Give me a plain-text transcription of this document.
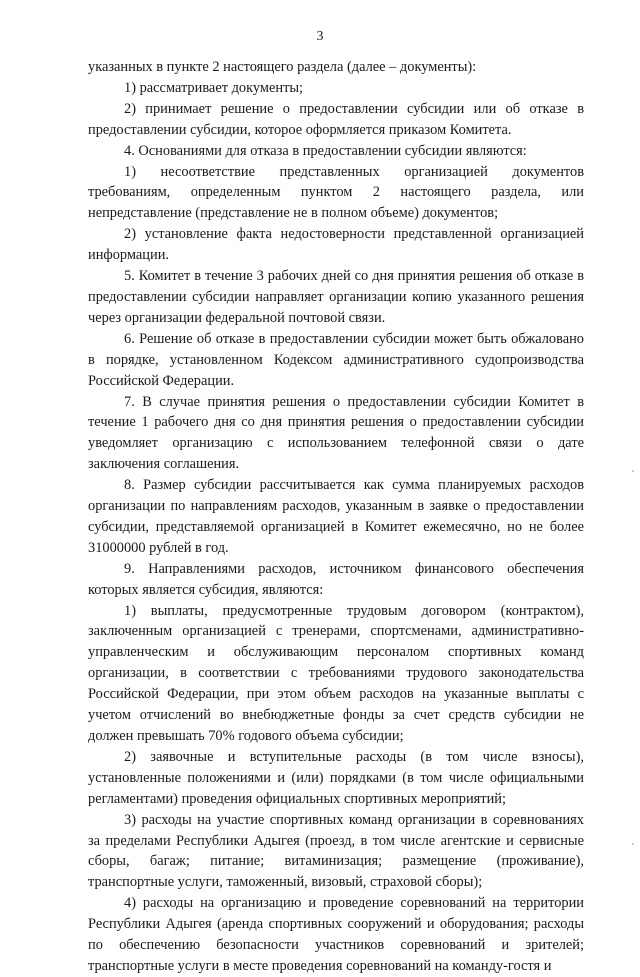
3

указанных в пункте 2 настоящего раздела (далее – документы):

1) рассматривает документы;

2) принимает решение о предоставлении субсидии или об отказе в предоставлении субсидии, которое оформляется приказом Комитета.

4. Основаниями для отказа в предоставлении субсидии являются:

1) несоответствие представленных организацией документов требованиям, определенным пунктом 2 настоящего раздела, или непредставление (представление не в полном объеме) документов;

2) установление факта недостоверности представленной организацией информации.

5. Комитет в течение 3 рабочих дней со дня принятия решения об отказе в предоставлении субсидии направляет организации копию указанного решения через организации федеральной почтовой связи.

6. Решение об отказе в предоставлении субсидии может быть обжаловано в порядке, установленном Кодексом административного судопроизводства Российской Федерации.

7. В случае принятия решения о предоставлении субсидии Комитет в течение 1 рабочего дня со дня принятия решения о предоставлении субсидии уведомляет организацию с использованием телефонной связи о дате заключения соглашения.

8. Размер субсидии рассчитывается как сумма планируемых расходов организации по направлениям расходов, указанным в заявке о предоставлении субсидии, представляемой организацией в Комитет ежемесячно, но не более 31000000 рублей в год.

9. Направлениями расходов, источником финансового обеспечения которых является субсидия, являются:

1) выплаты, предусмотренные трудовым договором (контрактом), заключенным организацией с тренерами, спортсменами, административно-управленческим и обслуживающим персоналом спортивных команд организации, в соответствии с требованиями трудового законодательства Российской Федерации, при этом объем расходов на указанные выплаты с учетом отчислений во внебюджетные фонды за счет средств субсидии не должен превышать 70% годового объема субсидии;

2) заявочные и вступительные расходы (в том числе взносы), установленные положениями и (или) порядками (в том числе официальными регламентами) проведения официальных спортивных мероприятий;

3) расходы на участие спортивных команд организации в соревнованиях за пределами Республики Адыгея (проезд, в том числе агентские и сервисные сборы, багаж; питание; витаминизация; размещение (проживание), транспортные услуги, таможенный, визовый, страховой сборы);

4) расходы на организацию и проведение соревнований на территории Республики Адыгея (аренда спортивных сооружений и оборудования; расходы по обеспечению безопасности участников соревнований и зрителей; транспортные услуги в месте проведения соревнований на команду-гостя и
